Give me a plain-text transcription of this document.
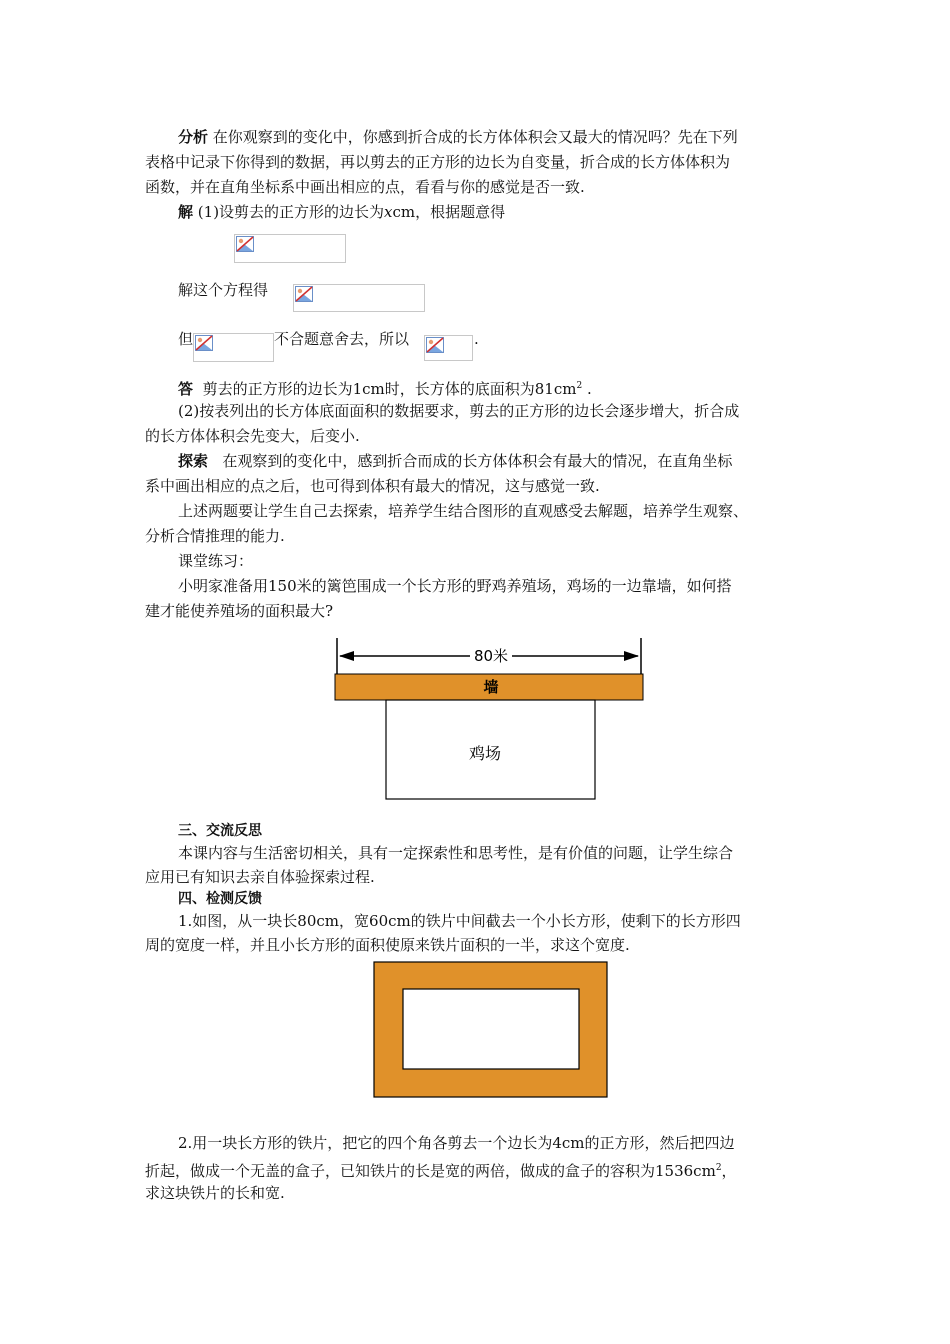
分析 在你观察到的变化中，你感到折合成的长方体体积会又最大的情况吗？先在下列
表格中记录下你得到的数据，再以剪去的正方形的边长为自变量，折合成的长方体体积为
函数，并在直角坐标系中画出相应的点，看看与你的感觉是否一致.
解 (1)设剪去的正方形的边长为xcm，根据题意得
解这个方程得
但	不合题意舍去，所以	.
答 剪去的正方形的边长为1cm时，长方体的底面积为$81cm^2$ .
(2)按表列出的长方体底面面积的数据要求，剪去的正方形的边长会逐步增大，折合成
的长方体体积会先变大，后变小.
探索 在观察到的变化中，感到折合而成的长方体体积会有最大的情况，在直角坐标
系中画出相应的点之后，也可得到体积有最大的情况，这与感觉一致.
上述两题要让学生自己去探索，培养学生结合图形的直观感受去解题，培养学生观察、
分析合情推理的能力.
课堂练习：
小明家准备用150米的篱笆围成一个长方形的野鸡养殖场，鸡场的一边靠墙，如何搭
建才能使养殖场的面积最大?
80米
墙
鸡场
三、交流反思
本课内容与生活密切相关，具有一定探索性和思考性，是有价值的问题，让学生综合
应用已有知识去亲自体验探索过程.
四、检测反馈
1.如图，从一块长80cm，宽60cm的铁片中间截去一个小长方形，使剩下的长方形四
周的宽度一样，并且小长方形的面积使原来铁片面积的一半，求这个宽度.
2.用一块长方形的铁片，把它的四个角各剪去一个边长为4cm的正方形，然后把四边
折起，做成一个无盖的盒子，已知铁片的长是宽的两倍，做成的盒子的容积为$1536cm^2$，
求这块铁片的长和宽.
